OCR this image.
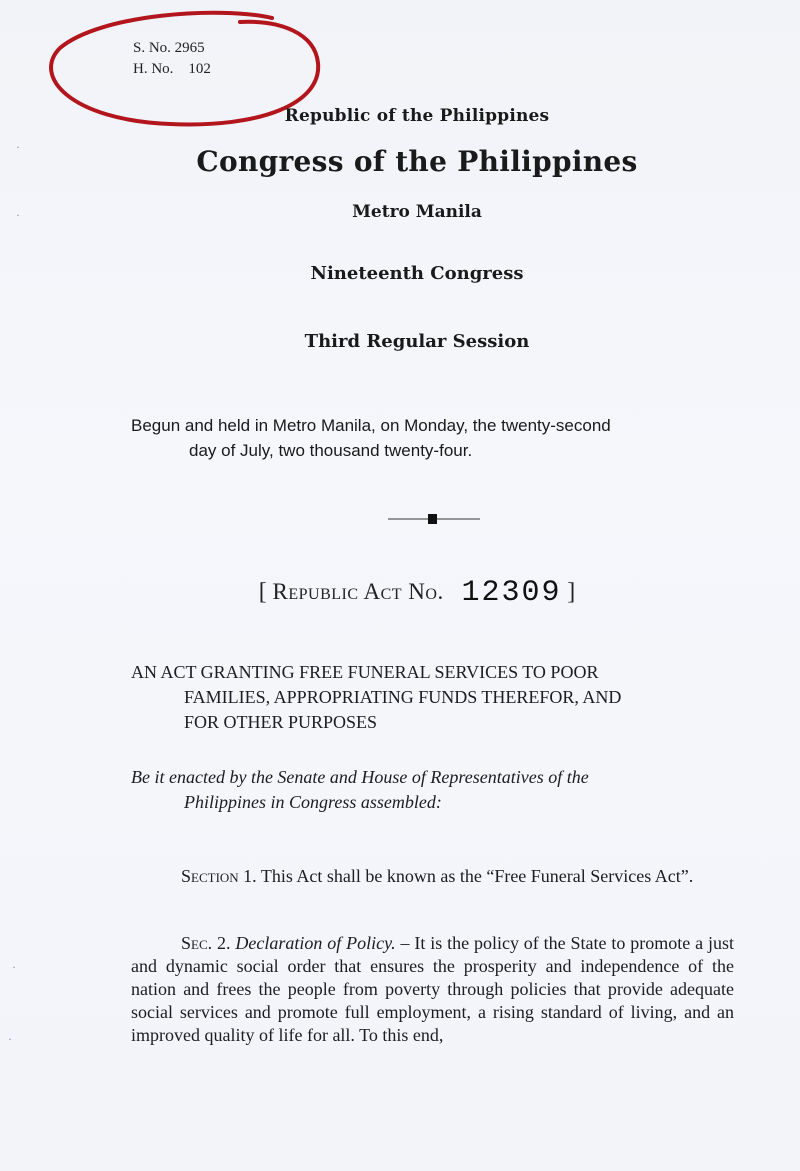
S. No. 2965
H. No.    102
Republic of the Philippines
Congress of the Philippines
Metro Manila
Nineteenth Congress
Third Regular Session
Begun and held in Metro Manila, on Monday, the twenty-second
day of July, two thousand twenty-four.
[ Republic Act No. 12309 ]
AN ACT GRANTING FREE FUNERAL SERVICES TO POOR
FAMILIES, APPROPRIATING FUNDS THEREFOR, AND
FOR OTHER PURPOSES
Be it enacted by the Senate and House of Representatives of the
Philippines in Congress assembled:
Section 1. This Act shall be known as the “Free Funeral Services Act”.
Sec. 2. Declaration of Policy. – It is the policy of the State to promote a just and dynamic social order that ensures the prosperity and independence of the nation and frees the people from poverty through policies that provide adequate social services and promote full employment, a rising standard of living, and an improved quality of life for all. To this end,
·
·
·
·
